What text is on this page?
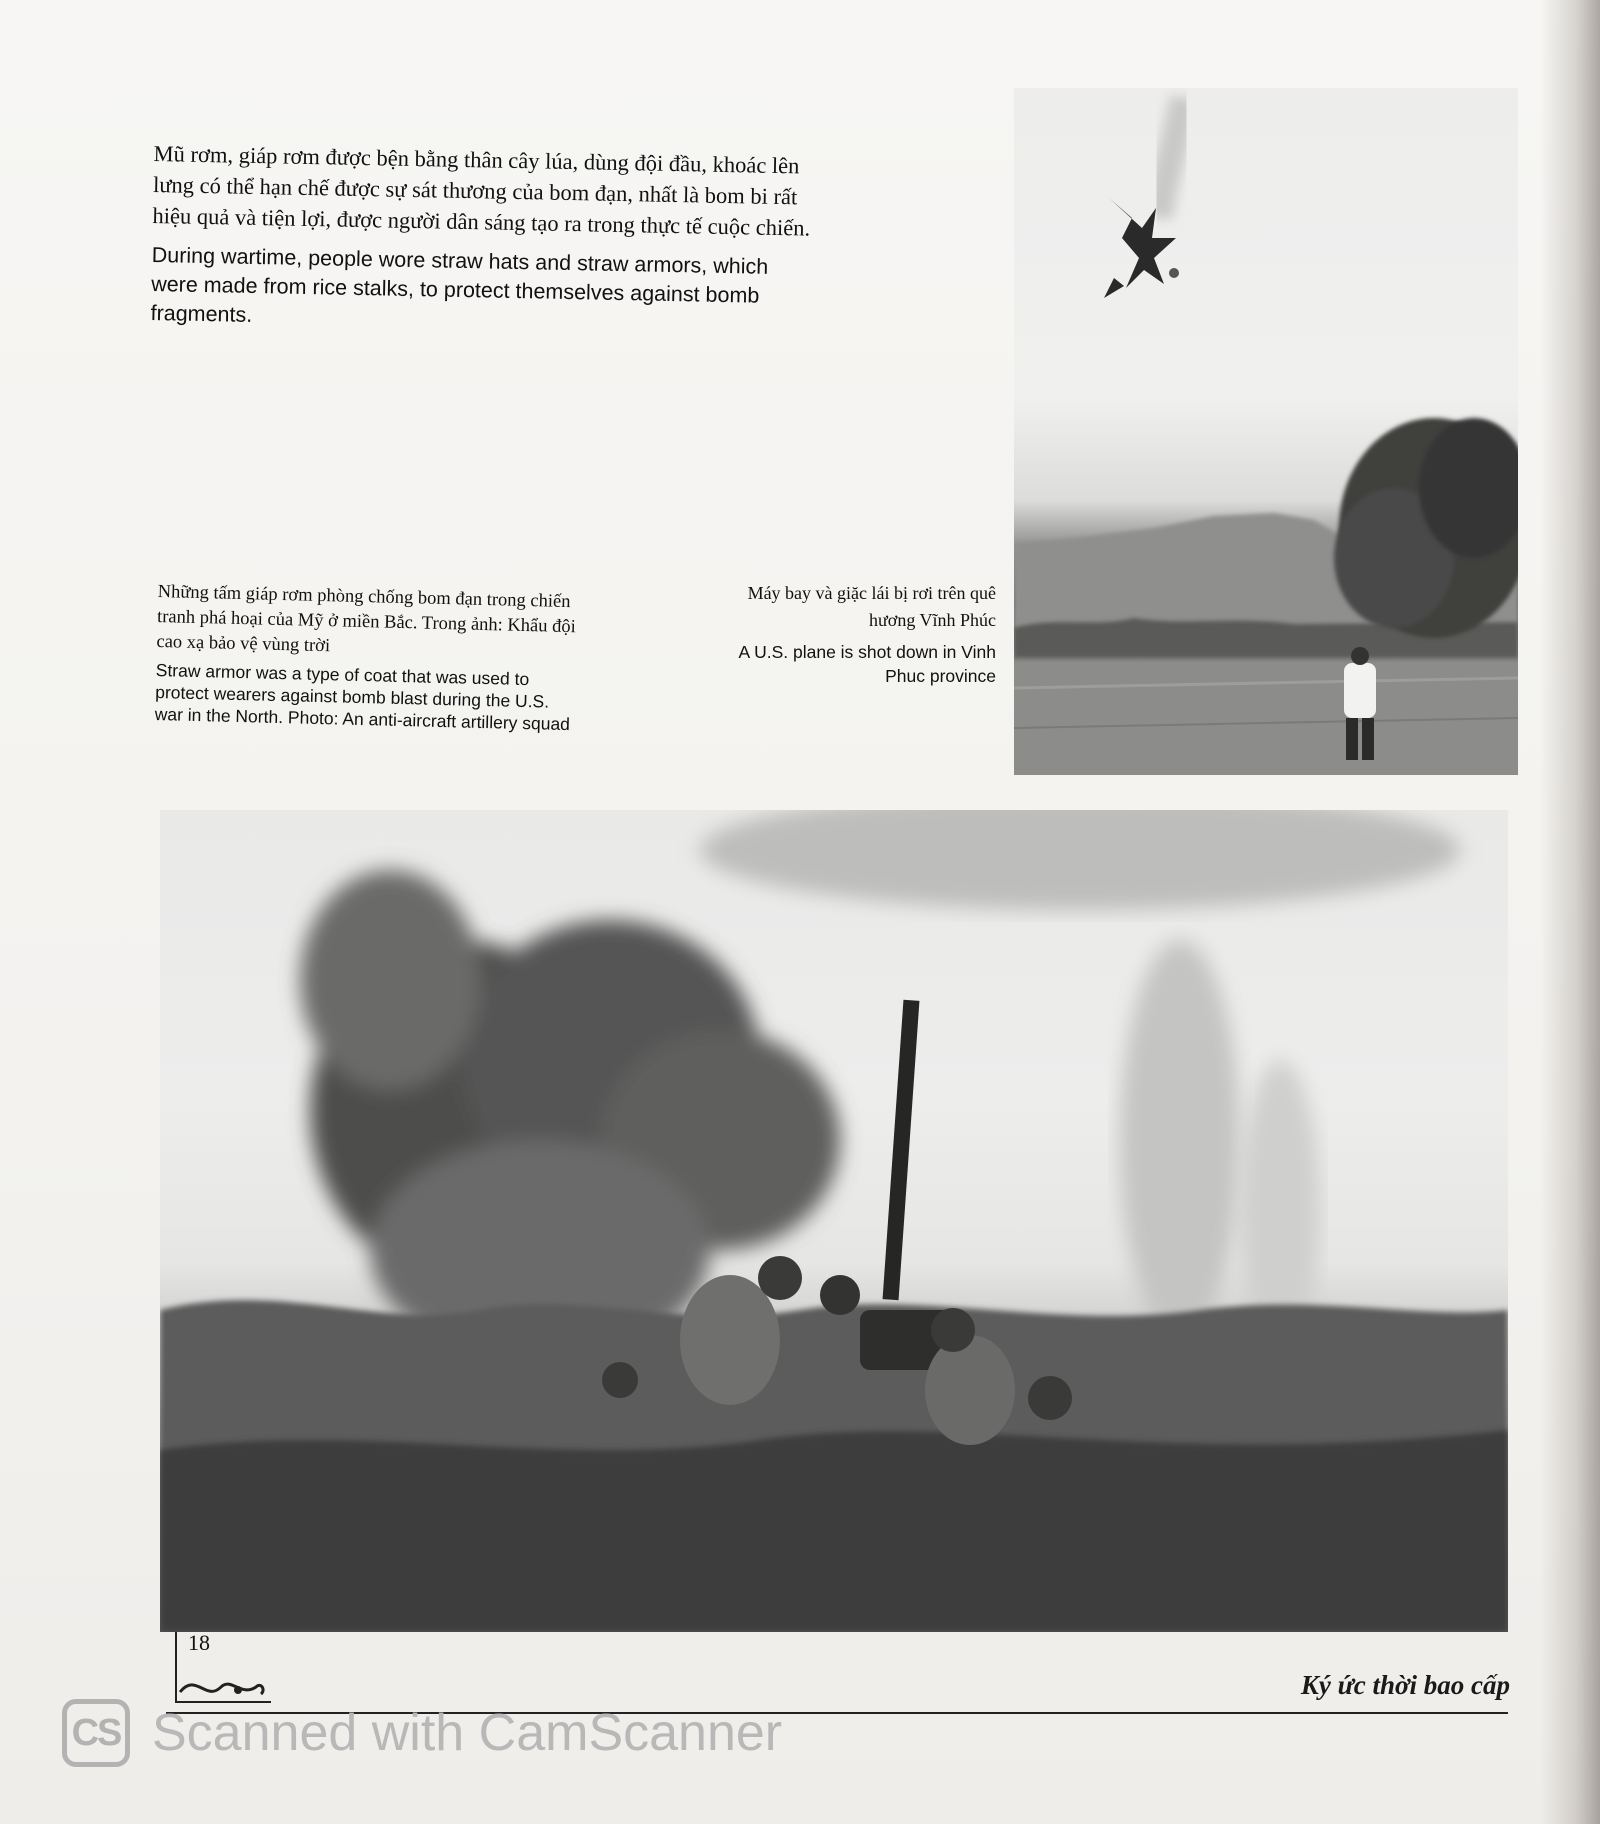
Mũ rơm, giáp rơm được bện bằng thân cây lúa, dùng đội đầu, khoác lên lưng có thể hạn chế được sự sát thương của bom đạn, nhất là bom bi rất hiệu quả và tiện lợi, được người dân sáng tạo ra trong thực tế cuộc chiến.

During wartime, people wore straw hats and straw armors, which were made from rice stalks, to protect themselves against bomb fragments.

Những tấm giáp rơm phòng chống bom đạn trong chiến tranh phá hoại của Mỹ ở miền Bắc. Trong ảnh: Khẩu đội cao xạ bảo vệ vùng trời

Straw armor was a type of coat that was used to protect wearers against bomb blast during the U.S. war in the North. Photo: An anti-aircraft artillery squad

Máy bay và giặc lái bị rơi trên quê hương Vĩnh Phúc

A U.S. plane is shot down in Vinh Phuc province

18
Ký ức thời bao cấp
CS Scanned with CamScanner
